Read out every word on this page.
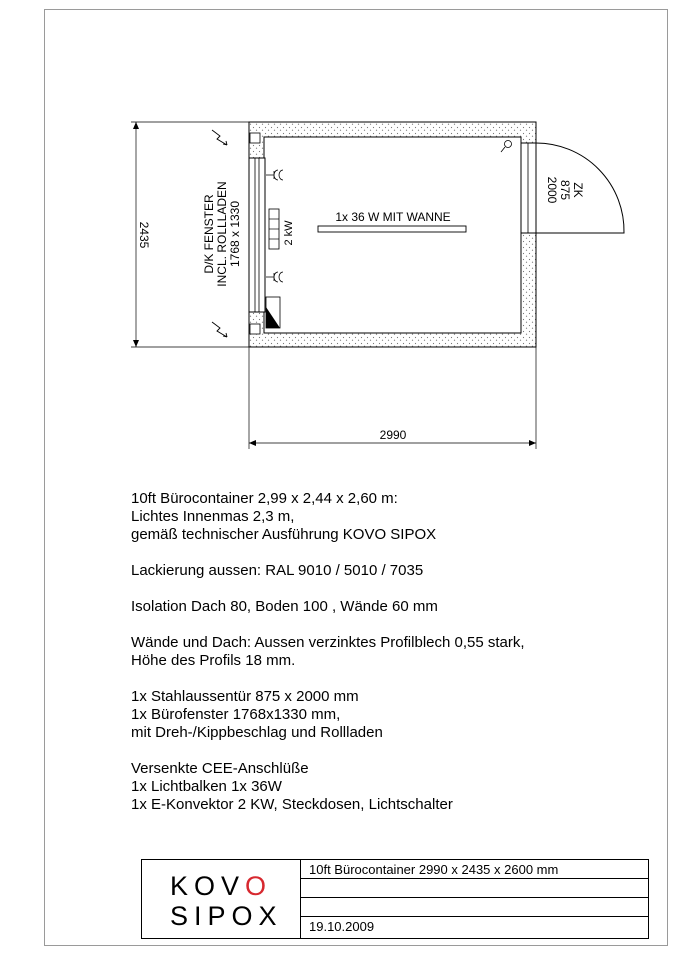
2435
2990
D/K FENSTER INCL. ROLLLADEN 1768 x 1330
ZK
875
2000
1x 36 W MIT WANNE
2 kW

10ft Bürocontainer 2,99 x 2,44 x 2,60 m:
Lichtes Innenmas 2,3 m,
gemäß technischer Ausführung KOVO SIPOX

Lackierung aussen: RAL 9010 / 5010 / 7035

Isolation Dach 80, Boden 100 , Wände 60 mm

Wände und Dach: Aussen verzinktes Profilblech 0,55 stark,
Höhe des Profils 18 mm.

1x Stahlaussentür 875 x 2000 mm
1x Bürofenster 1768x1330 mm,
mit Dreh-/Kippbeschlag und Rollladen

Versenkte CEE-Anschlüße
1x Lichtbalken 1x 36W
1x E-Konvektor 2 KW, Steckdosen, Lichtschalter

KOVO
SIPOX
10ft Bürocontainer 2990 x 2435 x 2600 mm
19.10.2009
